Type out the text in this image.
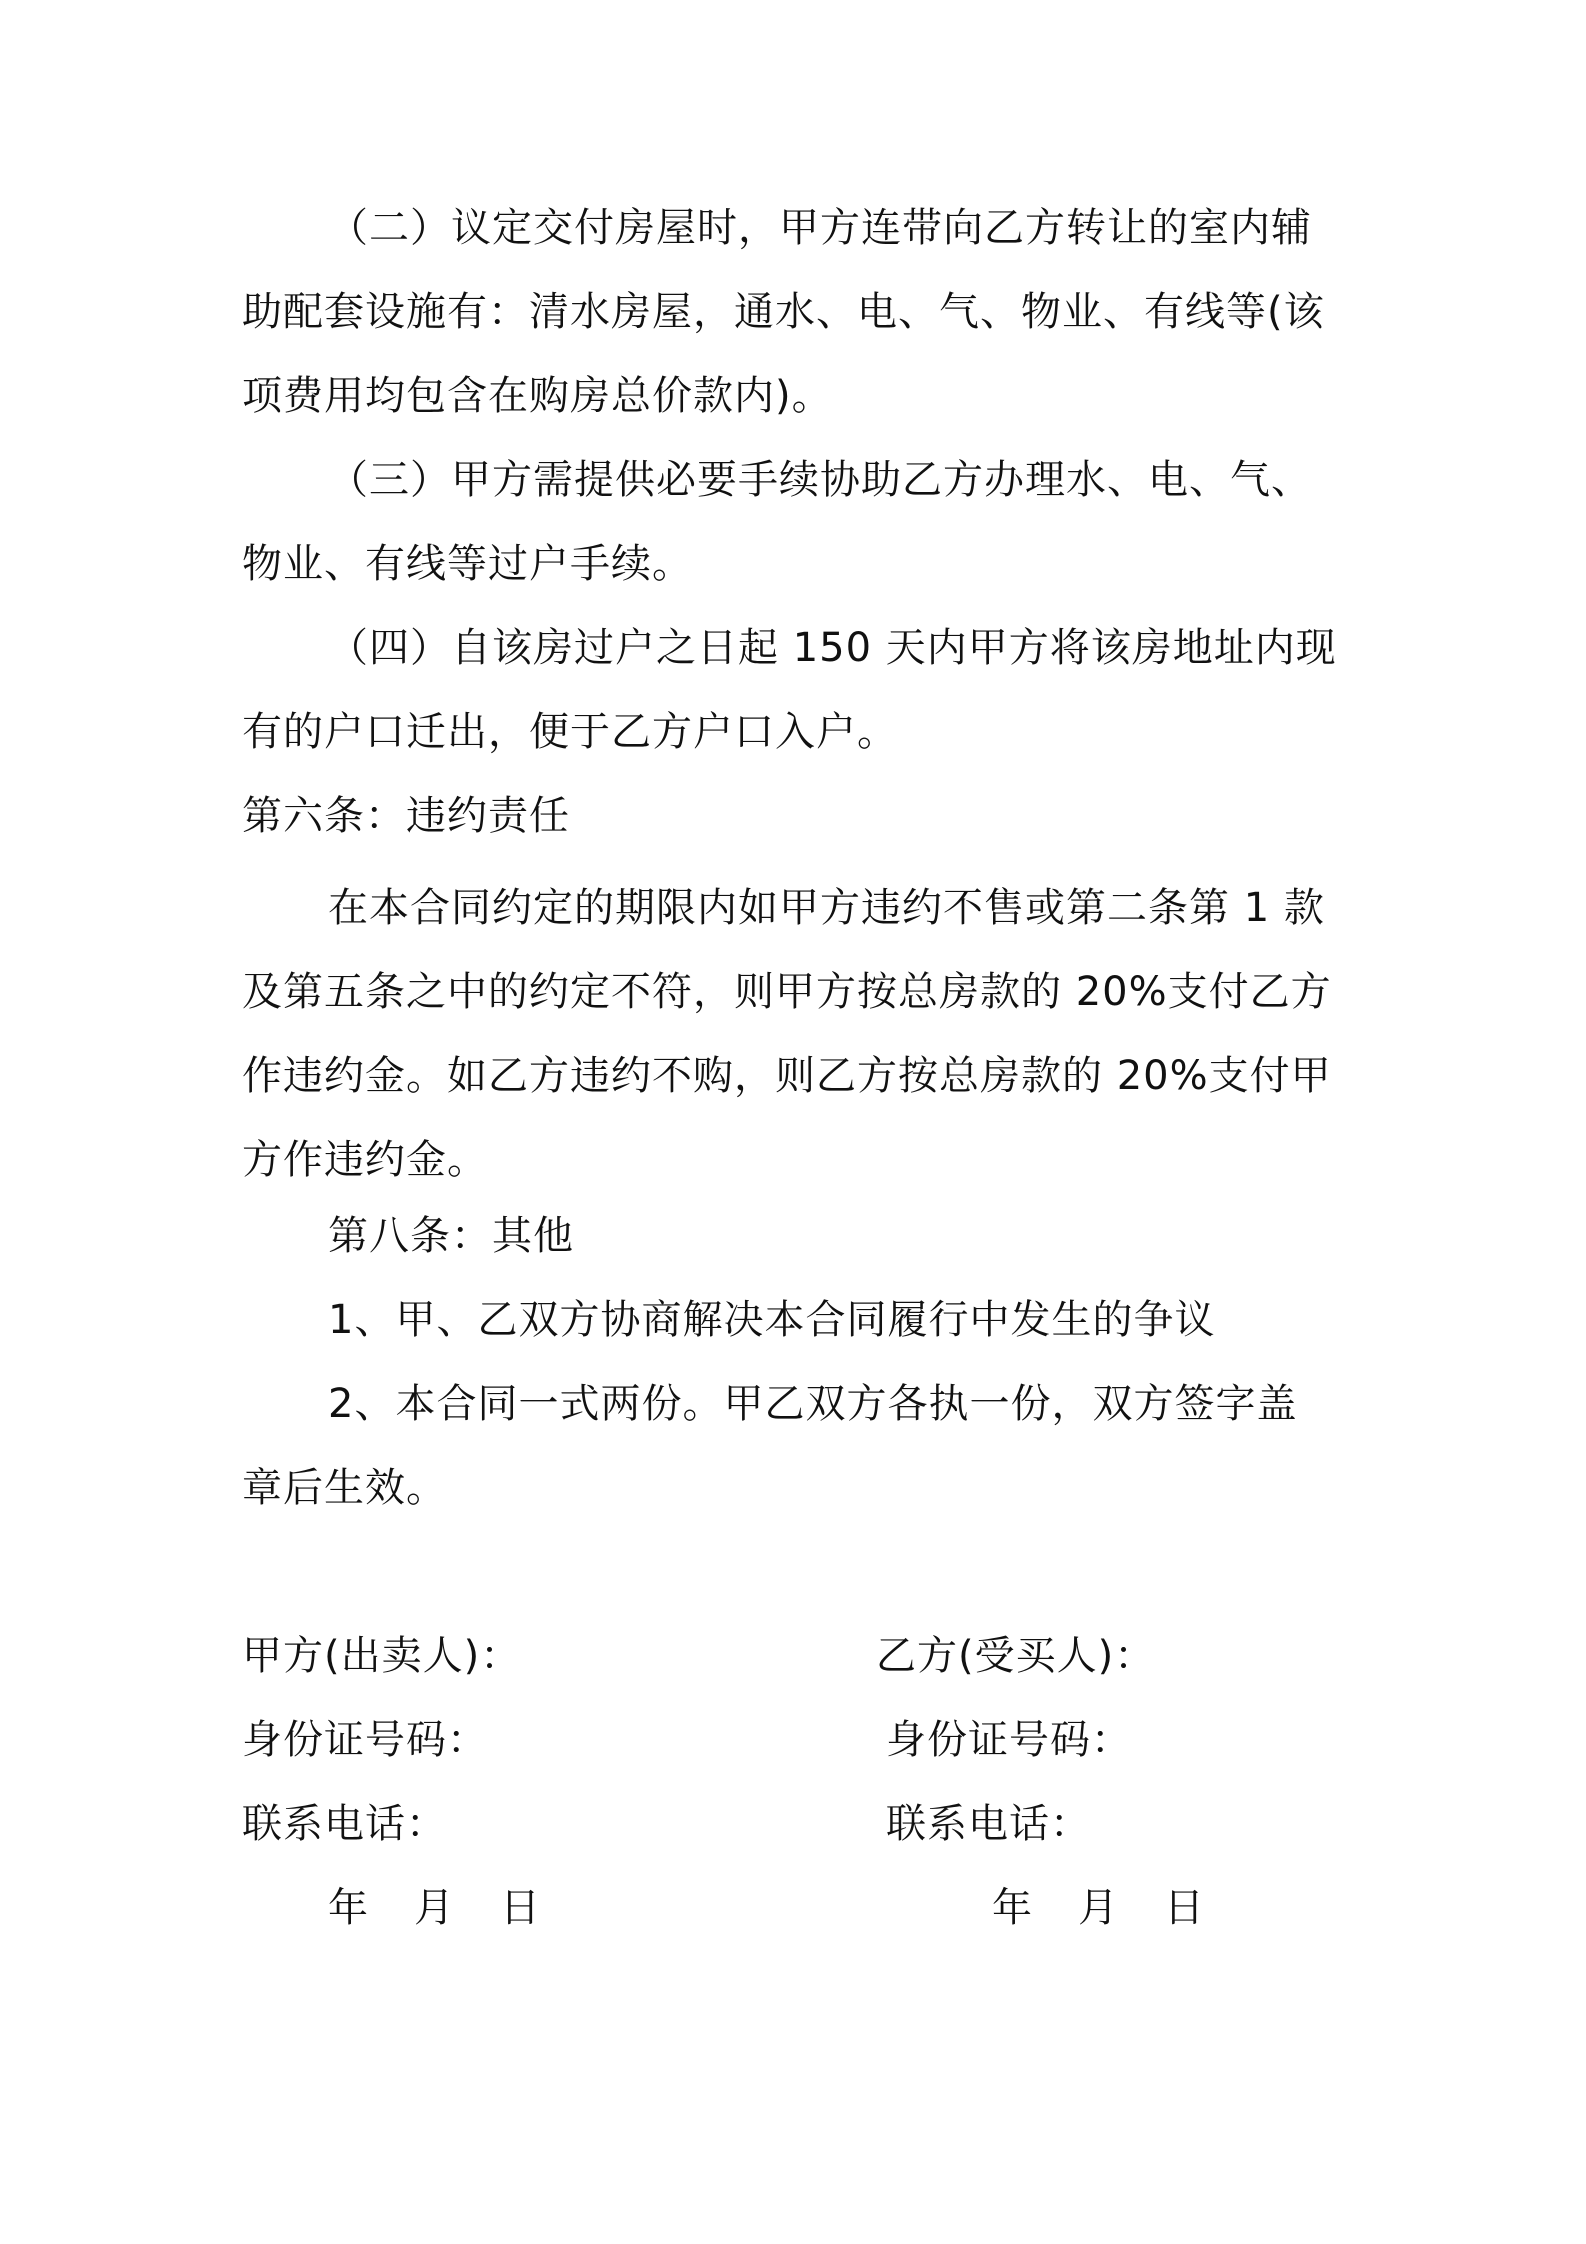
（二）议定交付房屋时，甲方连带向乙方转让的室内辅
助配套设施有：清水房屋，通水、电、气、物业、有线等(该
项费用均包含在购房总价款内)。
（三）甲方需提供必要手续协助乙方办理水、电、气、
物业、有线等过户手续。
（四）自该房过户之日起 150 天内甲方将该房地址内现
有的户口迁出，便于乙方户口入户。
第六条：违约责任
在本合同约定的期限内如甲方违约不售或第二条第 1 款
及第五条之中的约定不符，则甲方按总房款的 20%支付乙方
作违约金。如乙方违约不购，则乙方按总房款的 20%支付甲
方作违约金。
第八条：其他
1、甲、乙双方协商解决本合同履行中发生的争议
2、本合同一式两份。甲乙双方各执一份，双方签字盖
章后生效。
甲方(出卖人)：
身份证号码：
联系电话：
年 月 日
乙方(受买人)：
身份证号码：
联系电话：
年 月 日
